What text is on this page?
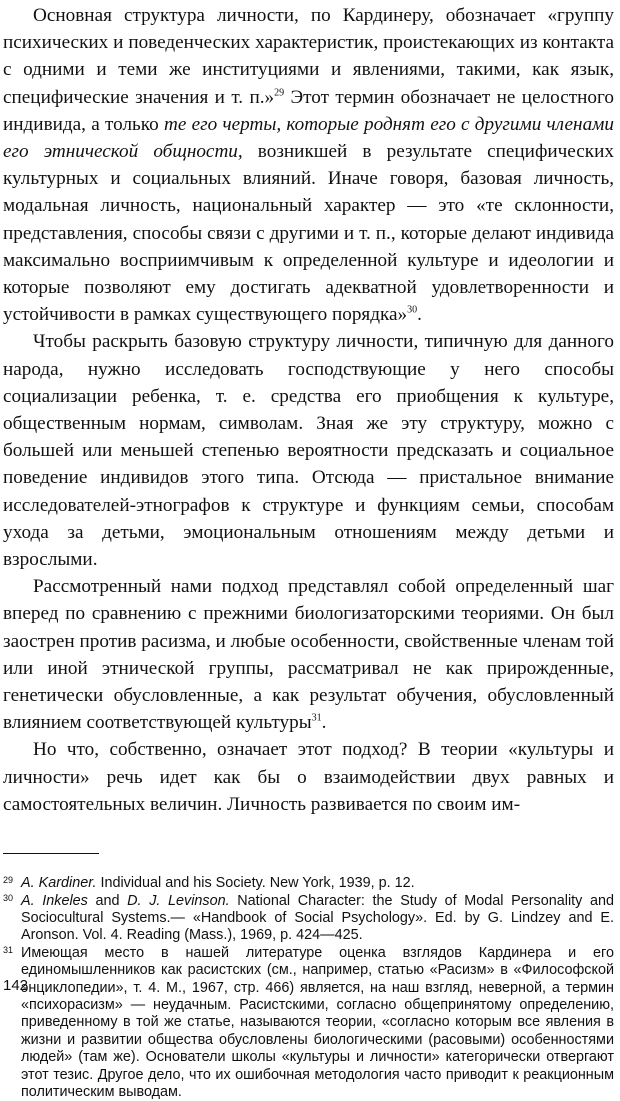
Основная структура личности, по Кардинеру, обозначает «группу психических и поведенческих характеристик, проистекающих из контакта с одними и теми же институциями и явлениями, такими, как язык, специфические значения и т. п.»$^{29}$ Этот термин обозначает не целостного индивида, а только те его черты, которые роднят его с другими членами его этнической общности, возникшей в результате специфических культурных и социальных влияний. Иначе говоря, базовая личность, модальная личность, национальный характер — это «те склонности, представления, способы связи с другими и т. п., которые делают индивида максимально восприимчивым к определенной культуре и идеологии и которые позволяют ему достигать адекватной удовлетворенности и устойчивости в рамках существующего порядка»$^{30}$.

Чтобы раскрыть базовую структуру личности, типичную для данного народа, нужно исследовать господствующие у него способы социализации ребенка, т. е. средства его приобщения к культуре, общественным нормам, символам. Зная же эту структуру, можно с большей или меньшей степенью вероятности предсказать и социальное поведение индивидов этого типа. Отсюда — пристальное внимание исследователей-этнографов к структуре и функциям семьи, способам ухода за детьми, эмоциональным отношениям между детьми и взрослыми.

Рассмотренный нами подход представлял собой определенный шаг вперед по сравнению с прежними биологизаторскими теориями. Он был заострен против расизма, и любые особенности, свойственные членам той или иной этнической группы, рассматривал не как прирожденные, генетически обусловленные, а как результат обучения, обусловленный влиянием соответствующей культуры$^{31}$.

Но что, собственно, означает этот подход? В теории «культуры и личности» речь идет как бы о взаимодействии двух равных и самостоятельных величин. Личность развивается по своим им-

29 A. Kardiner. Individual and his Society. New York, 1939, p. 12.
30 A. Inkeles and D. J. Levinson. National Character: the Study of Modal Personality and Sociocultural Systems.— «Handbook of Social Psychology». Ed. by G. Lindzey and E. Aronson. Vol. 4. Reading (Mass.), 1969, p. 424—425.
31 Имеющая место в нашей литературе оценка взглядов Кардинера и его единомышленников как расистских (см., например, статью «Расизм» в «Философской энциклопедии», т. 4. М., 1967, стр. 466) является, на наш взгляд, неверной, а термин «психорасизм» — неудачным. Расистскими, согласно общепринятому определению, приведенному в той же статье, называются теории, «согласно которым все явления в жизни и развитии общества обусловлены биологическими (расовыми) особенностями людей» (там же). Основатели школы «культуры и личности» категорически отвергают этот тезис. Другое дело, что их ошибочная методология часто приводит к реакционным политическим выводам.
142
